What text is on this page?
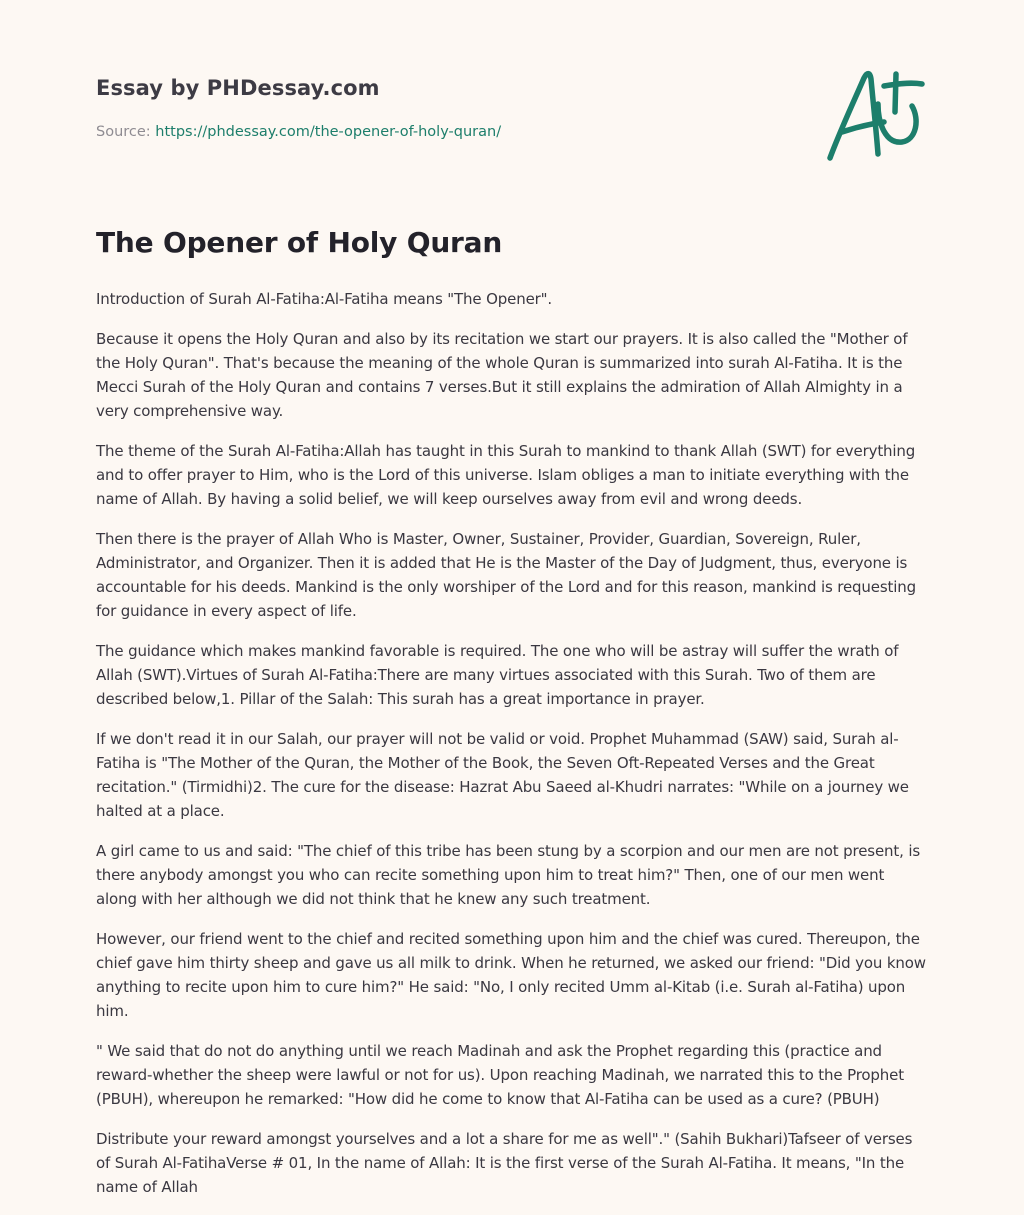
Essay by PHDessay.com
Source: https://phdessay.com/the-opener-of-holy-quran/
The Opener of Holy Quran

Introduction of Surah Al-Fatiha:Al-Fatiha means "The Opener".

Because it opens the Holy Quran and also by its recitation we start our prayers. It is also called the "Mother of the Holy Quran". That's because the meaning of the whole Quran is summarized into surah Al-Fatiha. It is the Mecci Surah of the Holy Quran and contains 7 verses.But it still explains the admiration of Allah Almighty in a very comprehensive way.

The theme of the Surah Al-Fatiha:Allah has taught in this Surah to mankind to thank Allah (SWT) for everything and to offer prayer to Him, who is the Lord of this universe. Islam obliges a man to initiate everything with the name of Allah. By having a solid belief, we will keep ourselves away from evil and wrong deeds.

Then there is the prayer of Allah Who is Master, Owner, Sustainer, Provider, Guardian, Sovereign, Ruler, Administrator, and Organizer. Then it is added that He is the Master of the Day of Judgment, thus, everyone is accountable for his deeds. Mankind is the only worshiper of the Lord and for this reason, mankind is requesting for guidance in every aspect of life.

The guidance which makes mankind favorable is required. The one who will be astray will suffer the wrath of Allah (SWT).Virtues of Surah Al-Fatiha:There are many virtues associated with this Surah. Two of them are described below,1. Pillar of the Salah: This surah has a great importance in prayer.

If we don't read it in our Salah, our prayer will not be valid or void. Prophet Muhammad (SAW) said, Surah al-Fatiha is "The Mother of the Quran, the Mother of the Book, the Seven Oft-Repeated Verses and the Great recitation." (Tirmidhi)2. The cure for the disease: Hazrat Abu Saeed al-Khudri narrates: "While on a journey we halted at a place.

A girl came to us and said: "The chief of this tribe has been stung by a scorpion and our men are not present, is there anybody amongst you who can recite something upon him to treat him?" Then, one of our men went along with her although we did not think that he knew any such treatment.

However, our friend went to the chief and recited something upon him and the chief was cured. Thereupon, the chief gave him thirty sheep and gave us all milk to drink. When he returned, we asked our friend: "Did you know anything to recite upon him to cure him?" He said: "No, I only recited Umm al-Kitab (i.e. Surah al-Fatiha) upon him.

" We said that do not do anything until we reach Madinah and ask the Prophet regarding this (practice and reward-whether the sheep were lawful or not for us). Upon reaching Madinah, we narrated this to the Prophet (PBUH), whereupon he remarked: "How did he come to know that Al-Fatiha can be used as a cure? (PBUH)

Distribute your reward amongst yourselves and a lot a share for me as well"." (Sahih Bukhari)Tafseer of verses of Surah Al-FatihaVerse # 01, In the name of Allah: It is the first verse of the Surah Al-Fatiha. It means, "In the name of Allah
